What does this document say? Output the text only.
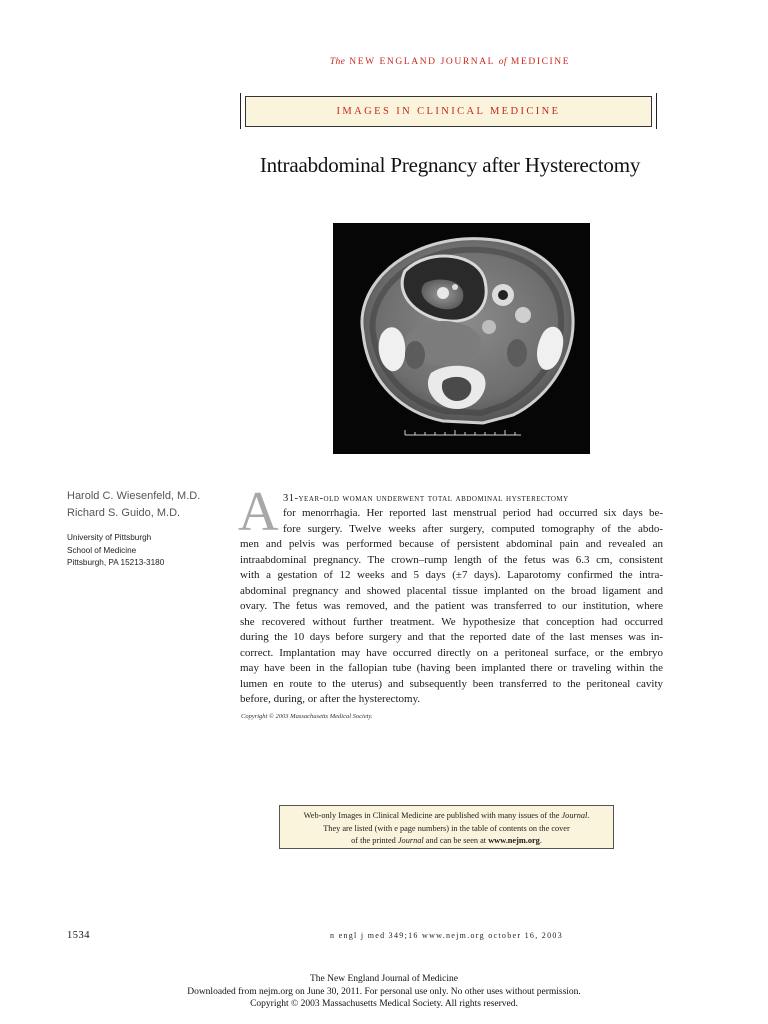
The NEW ENGLAND JOURNAL of MEDICINE
IMAGES IN CLINICAL MEDICINE
Intraabdominal Pregnancy after Hysterectomy
Harold C. Wiesenfeld, M.D.
Richard S. Guido, M.D.
University of Pittsburgh
School of Medicine
Pittsburgh, PA 15213-3180
A 31-year-old woman underwent total abdominal hysterectomy
for menorrhagia. Her reported last menstrual period had occurred six days be-
fore surgery. Twelve weeks after surgery, computed tomography of the abdo-
men and pelvis was performed because of persistent abdominal pain and revealed an
intraabdominal pregnancy. The crown–rump length of the fetus was 6.3 cm, consistent
with a gestation of 12 weeks and 5 days (±7 days). Laparotomy confirmed the intra-
abdominal pregnancy and showed placental tissue implanted on the broad ligament and
ovary. The fetus was removed, and the patient was transferred to our institution, where
she recovered without further treatment. We hypothesize that conception had occurred
during the 10 days before surgery and that the reported date of the last menses was in-
correct. Implantation may have occurred directly on a peritoneal surface, or the embryo
may have been in the fallopian tube (having been implanted there or traveling within the
lumen en route to the uterus) and subsequently been transferred to the peritoneal cavity
before, during, or after the hysterectomy.
Copyright © 2003 Massachusetts Medical Society.
Web-only Images in Clinical Medicine are published with many issues of the Journal.
They are listed (with e page numbers) in the table of contents on the cover
of the printed Journal and can be seen at www.nejm.org.
1534	n engl j med 349;16 www.nejm.org october 16, 2003
The New England Journal of Medicine
Downloaded from nejm.org on June 30, 2011. For personal use only. No other uses without permission.
Copyright © 2003 Massachusetts Medical Society. All rights reserved.
